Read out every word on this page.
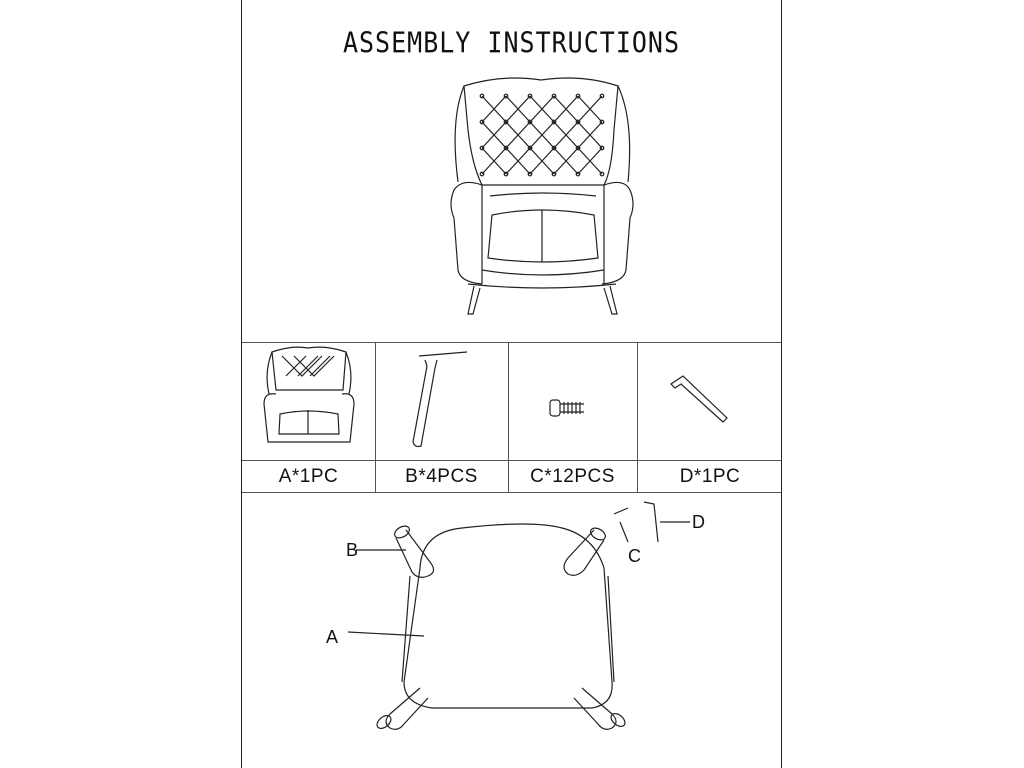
ASSEMBLY INSTRUCTIONS
A*1PC	B*4PCS	C*12PCS	D*1PC
B
A
C
D
